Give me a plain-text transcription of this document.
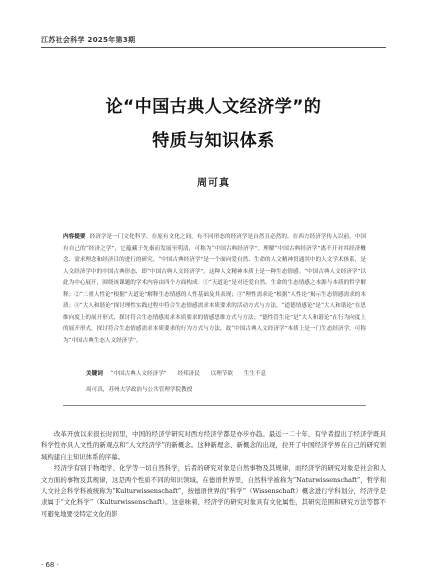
江苏社会科学 2025年第3期
论“中国古典人文经济学”的
特质与知识体系
周可真
内容提要 经济学是一门文化科学。在原有文化之间，有不同形态的经济学是自然且必然的。在西方经济学传入以前，中国有自己的“经济之学”，它蕴藏于先秦而发展至明清，可称为“中国古典经济学”。理解“中国古典经济学”离不开对其经济概念、需求理念和经济目的进行的研究。“中国古典经济学”是一个面向爱自然、生命的人文精神贯通其中的人文学术体系，是人文经济学中的中国古典形态，即“中国古典人文经济学”。这种人文精神本质上是一种生态情感。“中国古典人文经济学”以此为中心展开，围绕该课题的学术内容由四个方面构成：①“天道论”是对还爱自然、生命的生态情感之本源与本质的哲学解释；②“二重人性论”根据“天道论”解释生态情感的人性基础及其表现；③“理性需求论”根据“人性论”揭示生态情感需求的本质；④“大人和谐论”探讨理性实践过程中符合生态情感需求本质要求的活动方式与方法，“道德情感论”是“大人和谐论”在思维向度上的展开形式，探讨符合生态情感需求本质要求的情感思维方式与方法；“德性管生论”是“大人和谐论”在行为向度上的展开形式，探讨符合生态情感需求本质要求的行为方式与方法。故“中国古典人文经济学”本质上是一门生态经济学，可称为“中国古典生态人文经济学”。
关键词 “中国古典人文经济学” 经邦济民 以理节欲 生生不息
周可真，苏州大学政治与公共管理学院教授

改革开放以来很长时间里，中国的经济学研究对西方经济学都是亦步亦趋。最近一二十年，有学者提出了经济学既具科学性亦具人文性的新观点和“人文经济学”的新概念。这种新理念、新概念的出现，拉开了中国经济学界在自己的研究领域构建自主知识体系的序幕。

经济学有别于物理学、化学等一切自然科学，后者的研究对象是自然事物及其规律，而经济学的研究对象是社会和人文方面的事物及其规律，这是两个性质不同的知识领域。在德语世界里，自然科学被称为“Naturwissenschaft”，哲学和人文社会科学科被统称为“Kulturwissenschaft”，按德语世界的“科学”（Wissenschaft）概念进行学科划分，经济学是隶属于“文化科学”（Kulturwissenschaft）。这意味着，经济学的研究对象具有文化属性，其研究范围和研究方法等都不可避免地要受特定文化的影

· 68 ·
